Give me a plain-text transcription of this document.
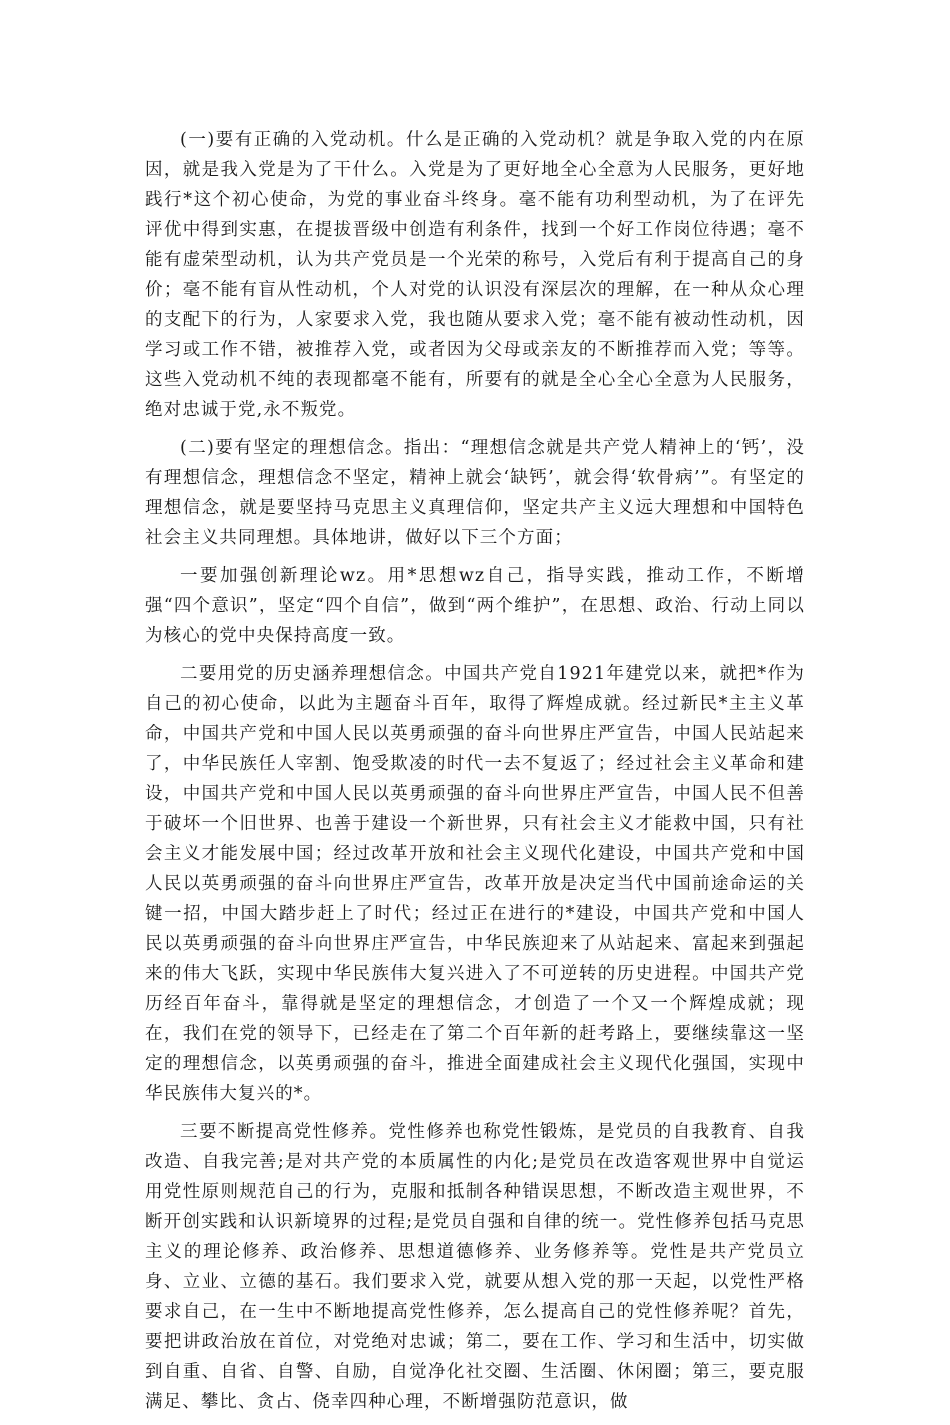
(一)要有正确的入党动机。什么是正确的入党动机？就是争取入党的内在原因，就是我入党是为了干什么。入党是为了更好地全心全意为人民服务，更好地践行*这个初心使命，为党的事业奋斗终身。毫不能有功利型动机，为了在评先评优中得到实惠，在提拔晋级中创造有利条件，找到一个好工作岗位待遇；毫不能有虚荣型动机，认为共产党员是一个光荣的称号，入党后有利于提高自己的身价；毫不能有盲从性动机，个人对党的认识没有深层次的理解，在一种从众心理的支配下的行为，人家要求入党，我也随从要求入党；毫不能有被动性动机，因学习或工作不错，被推荐入党，或者因为父母或亲友的不断推荐而入党；等等。这些入党动机不纯的表现都毫不能有，所要有的就是全心全心全意为人民服务，绝对忠诚于党,永不叛党。

(二)要有坚定的理想信念。指出：“理想信念就是共产党人精神上的‘钙’，没有理想信念，理想信念不坚定，精神上就会‘缺钙’，就会得‘软骨病’”。有坚定的理想信念，就是要坚持马克思主义真理信仰，坚定共产主义远大理想和中国特色社会主义共同理想。具体地讲，做好以下三个方面；

一要加强创新理论wz。用*思想wz自己，指导实践，推动工作，不断增强“四个意识”，坚定“四个自信”，做到“两个维护”，在思想、政治、行动上同以为核心的党中央保持高度一致。

二要用党的历史涵养理想信念。中国共产党自1921年建党以来，就把*作为自己的初心使命，以此为主题奋斗百年，取得了辉煌成就。经过新民*主主义革命，中国共产党和中国人民以英勇顽强的奋斗向世界庄严宣告，中国人民站起来了，中华民族任人宰割、饱受欺凌的时代一去不复返了；经过社会主义革命和建设，中国共产党和中国人民以英勇顽强的奋斗向世界庄严宣告，中国人民不但善于破坏一个旧世界、也善于建设一个新世界，只有社会主义才能救中国，只有社会主义才能发展中国；经过改革开放和社会主义现代化建设，中国共产党和中国人民以英勇顽强的奋斗向世界庄严宣告，改革开放是决定当代中国前途命运的关键一招，中国大踏步赶上了时代；经过正在进行的*建设，中国共产党和中国人民以英勇顽强的奋斗向世界庄严宣告，中华民族迎来了从站起来、富起来到强起来的伟大飞跃，实现中华民族伟大复兴进入了不可逆转的历史进程。中国共产党历经百年奋斗，靠得就是坚定的理想信念，才创造了一个又一个辉煌成就；现在，我们在党的领导下，已经走在了第二个百年新的赶考路上，要继续靠这一坚定的理想信念，以英勇顽强的奋斗，推进全面建成社会主义现代化强国，实现中华民族伟大复兴的*。

三要不断提高党性修养。党性修养也称党性锻炼，是党员的自我教育、自我改造、自我完善;是对共产党的本质属性的内化;是党员在改造客观世界中自觉运用党性原则规范自己的行为，克服和抵制各种错误思想，不断改造主观世界，不断开创实践和认识新境界的过程;是党员自强和自律的统一。党性修养包括马克思主义的理论修养、政治修养、思想道德修养、业务修养等。党性是共产党员立身、立业、立德的基石。我们要求入党，就要从想入党的那一天起，以党性严格要求自己，在一生中不断地提高党性修养，怎么提高自己的党性修养呢？首先，要把讲政治放在首位，对党绝对忠诚；第二，要在工作、学习和生活中，切实做到自重、自省、自警、自励，自觉净化社交圈、生活圈、休闲圈；第三，要克服满足、攀比、贪占、侥幸四种心理，不断增强防范意识，做
